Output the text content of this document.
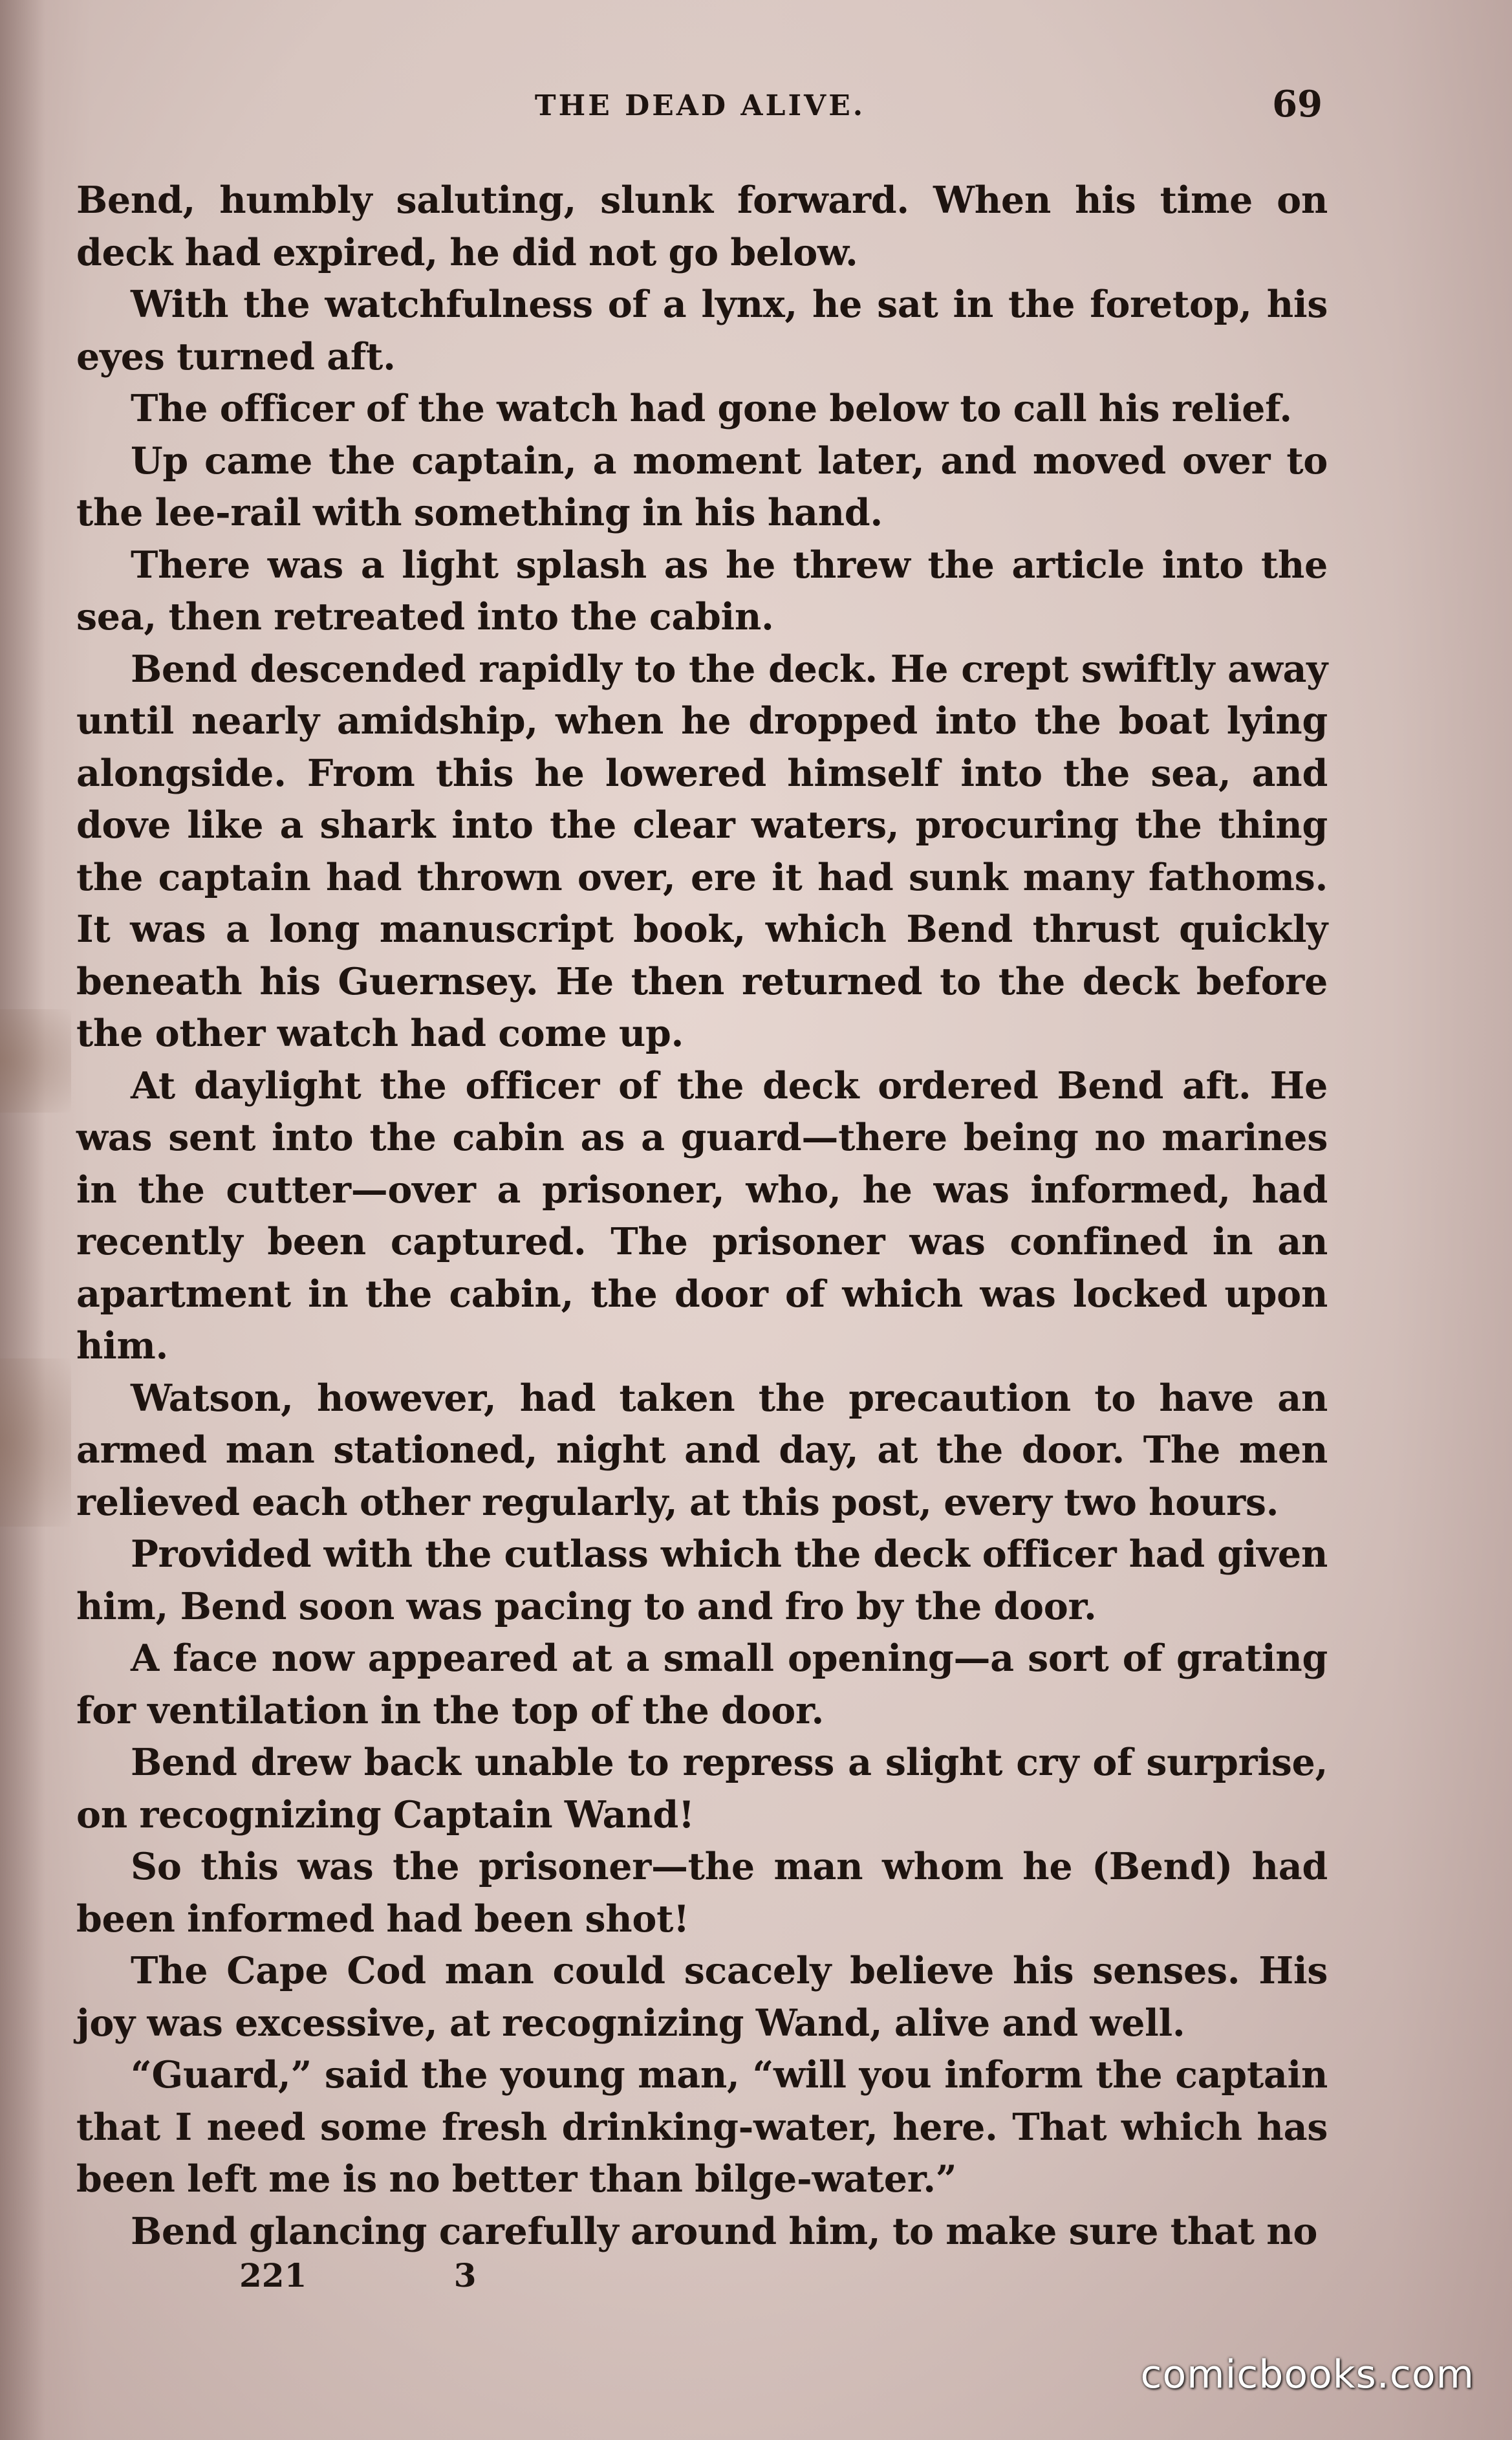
THE DEAD ALIVE.	69

Bend, humbly saluting, slunk forward. When his time on deck had expired, he did not go below.

With the watchfulness of a lynx, he sat in the foretop, his eyes turned aft.

The officer of the watch had gone below to call his relief.

Up came the captain, a moment later, and moved over to the lee-rail with something in his hand.

There was a light splash as he threw the article into the sea, then retreated into the cabin.

Bend descended rapidly to the deck. He crept swiftly away until nearly amidship, when he dropped into the boat lying alongside. From this he lowered himself into the sea, and dove like a shark into the clear waters, procuring the thing the captain had thrown over, ere it had sunk many fathoms. It was a long manuscript book, which Bend thrust quickly beneath his Guernsey. He then returned to the deck before the other watch had come up.

At daylight the officer of the deck ordered Bend aft. He was sent into the cabin as a guard—there being no marines in the cutter—over a prisoner, who, he was informed, had recently been captured. The prisoner was confined in an apartment in the cabin, the door of which was locked upon him.

Watson, however, had taken the precaution to have an armed man stationed, night and day, at the door. The men relieved each other regularly, at this post, every two hours.

Provided with the cutlass which the deck officer had given him, Bend soon was pacing to and fro by the door.

A face now appeared at a small opening—a sort of grating for ventilation in the top of the door.

Bend drew back unable to repress a slight cry of surprise, on recognizing Captain Wand!

So this was the prisoner—the man whom he (Bend) had been informed had been shot!

The Cape Cod man could scacely believe his senses. His joy was excessive, at recognizing Wand, alive and well.

“Guard,” said the young man, “will you inform the captain that I need some fresh drinking-water, here. That which has been left me is no better than bilge-water.”

Bend glancing carefully around him, to make sure that no

221	3
comicbooks.com
